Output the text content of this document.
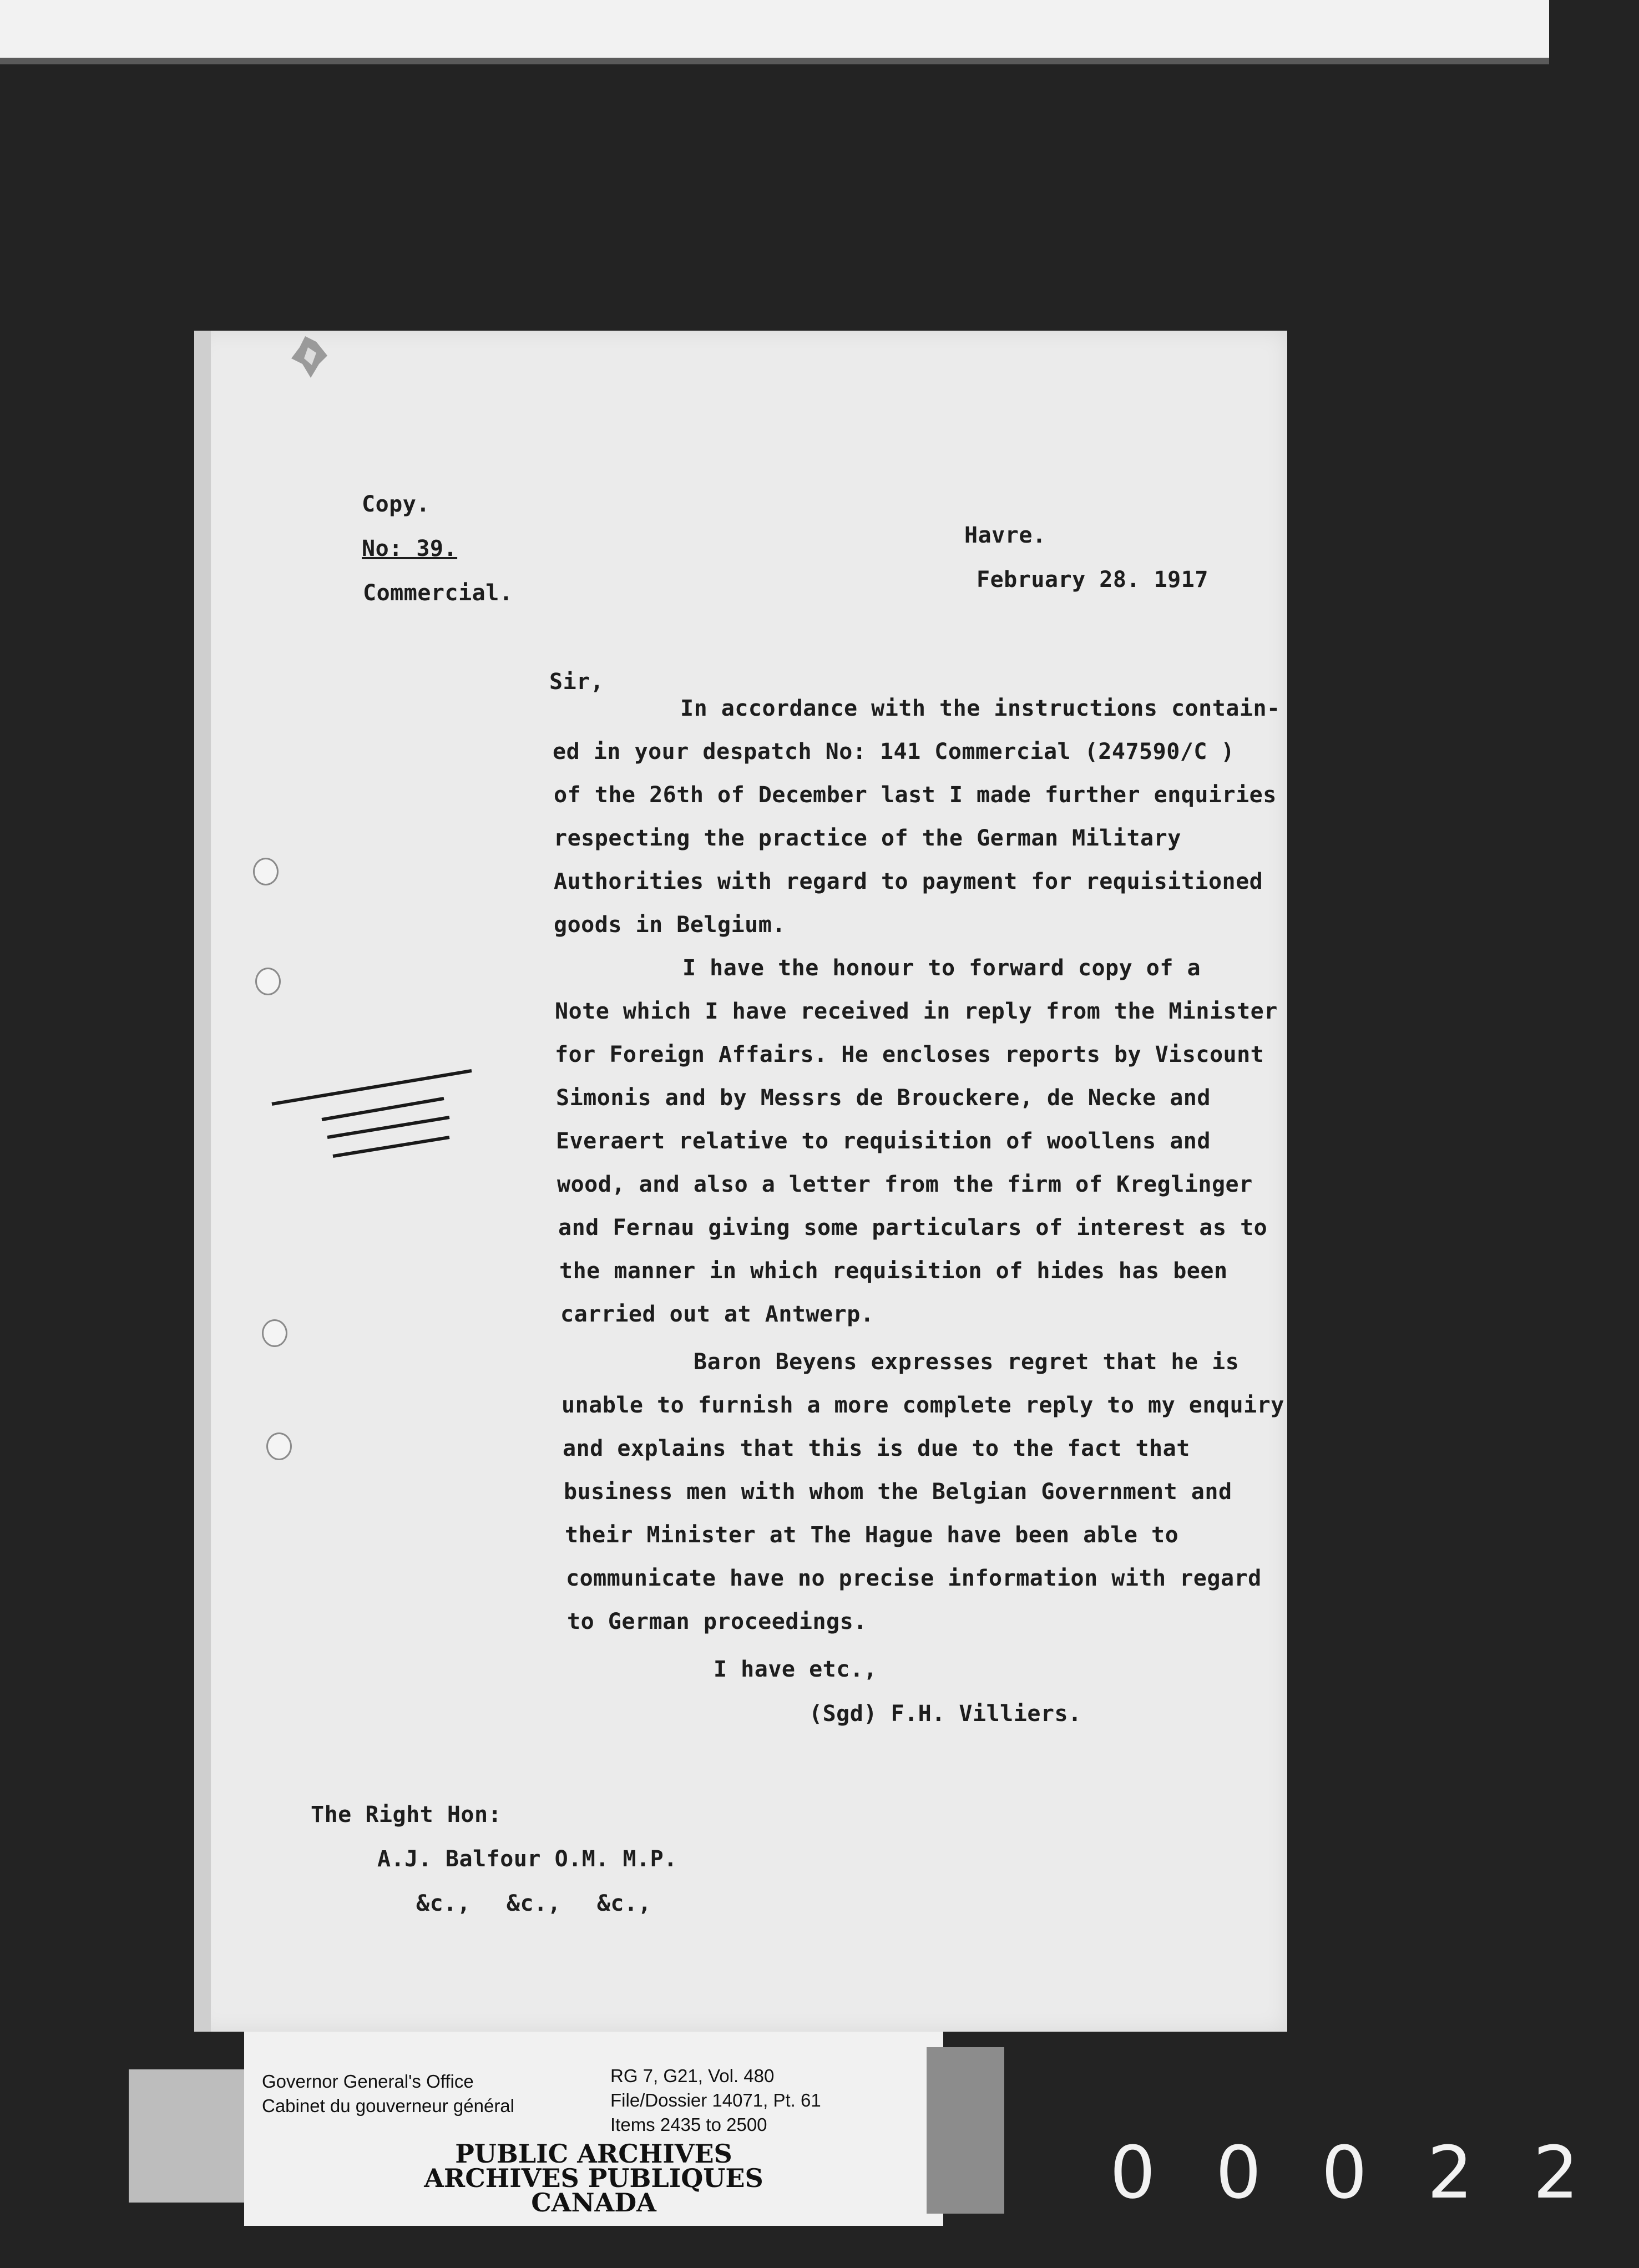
Copy.
No: 39.
Commercial.
Havre.
February 28. 1917
Sir,
In accordance with the instructions contain-
ed in your despatch No: 141 Commercial (247590/C )
of the 26th of December last I made further enquiries
respecting the practice of the German Military
Authorities with regard to payment for requisitioned
goods in Belgium.
I have the honour to forward copy of a
Note which I have received in reply from the Minister
for Foreign Affairs. He encloses reports by Viscount
Simonis and by Messrs de Brouckere, de Necke and
Everaert relative to requisition of woollens and
wood, and also a letter from the firm of Kreglinger
and Fernau giving some particulars of interest as to
the manner in which requisition of hides has been
carried out at Antwerp.
Baron Beyens expresses regret that he is
unable to furnish a more complete reply to my enquiry
and explains that this is due to the fact that
business men with whom the Belgian Government and
their Minister at The Hague have been able to
communicate have no precise information with regard
to German proceedings.
I have etc.,
(Sgd) F.H. Villiers.
The Right Hon:
A.J. Balfour O.M. M.P.
&c., &c., &c.,
Governor General's Office
Cabinet du gouverneur général
RG 7, G21, Vol. 480
File/Dossier 14071, Pt. 61
Items 2435 to 2500
PUBLIC ARCHIVES
ARCHIVES PUBLIQUES
CANADA	00022
